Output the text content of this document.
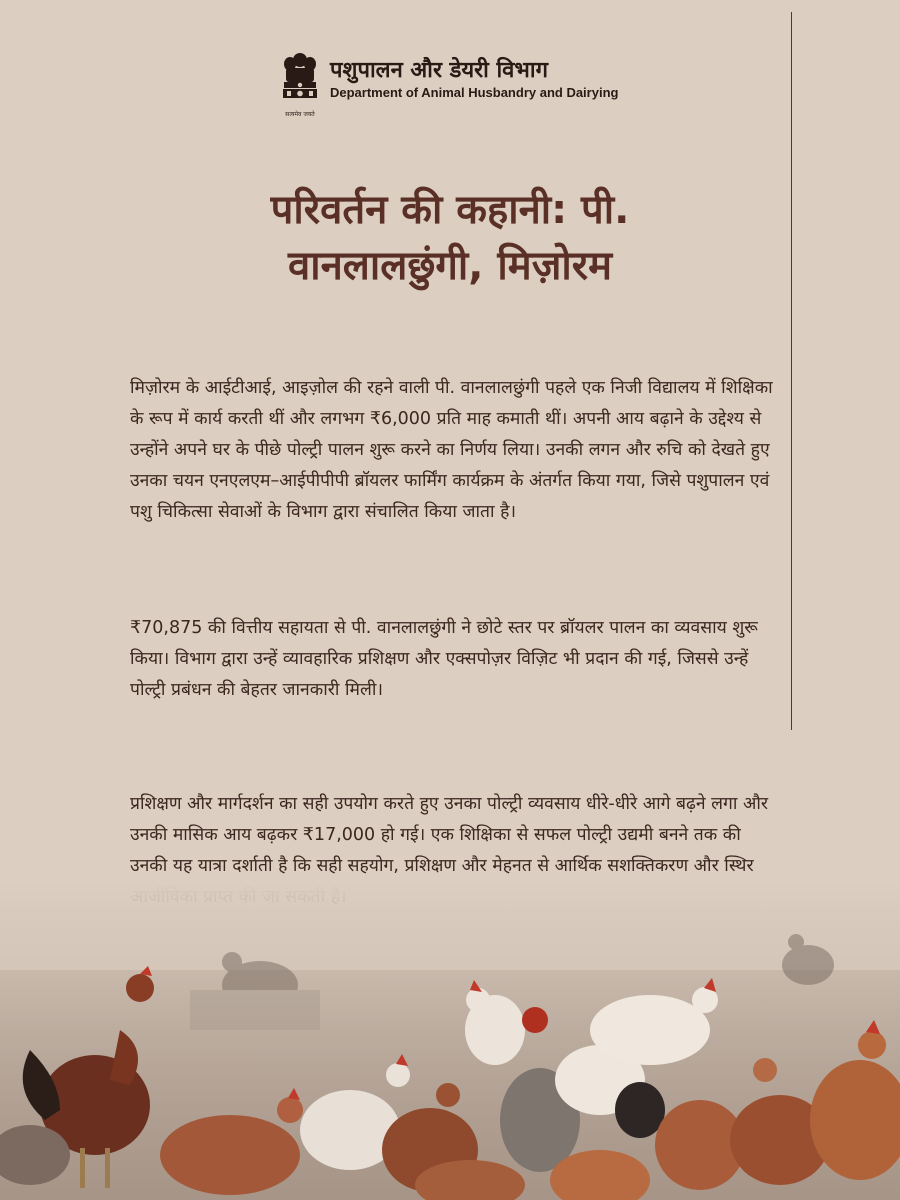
पशुपालन और डेयरी विभाग
Department of Animal Husbandry and Dairying
सत्यमेव जयते
परिवर्तन की कहानी: पी.
वानलालछुंगी, मिज़ोरम

मिज़ोरम के आईटीआई, आइज़ोल की रहने वाली पी. वानलालछुंगी पहले एक निजी विद्यालय में शिक्षिका के रूप में कार्य करती थीं और लगभग ₹6,000 प्रति माह कमाती थीं। अपनी आय बढ़ाने के उद्देश्य से उन्होंने अपने घर के पीछे पोल्ट्री पालन शुरू करने का निर्णय लिया। उनकी लगन और रुचि को देखते हुए उनका चयन एनएलएम–आईपीपीपी ब्रॉयलर फार्मिंग कार्यक्रम के अंतर्गत किया गया, जिसे पशुपालन एवं पशु चिकित्सा सेवाओं के विभाग द्वारा संचालित किया जाता है।

₹70,875 की वित्तीय सहायता से पी. वानलालछुंगी ने छोटे स्तर पर ब्रॉयलर पालन का व्यवसाय शुरू किया। विभाग द्वारा उन्हें व्यावहारिक प्रशिक्षण और एक्सपोज़र विज़िट भी प्रदान की गई, जिससे उन्हें पोल्ट्री प्रबंधन की बेहतर जानकारी मिली।

प्रशिक्षण और मार्गदर्शन का सही उपयोग करते हुए उनका पोल्ट्री व्यवसाय धीरे-धीरे आगे बढ़ने लगा और उनकी मासिक आय बढ़कर ₹17,000 हो गई। एक शिक्षिका से सफल पोल्ट्री उद्यमी बनने तक की उनकी यह यात्रा दर्शाती है कि सही सहयोग, प्रशिक्षण और मेहनत से आर्थिक सशक्तिकरण और स्थिर
